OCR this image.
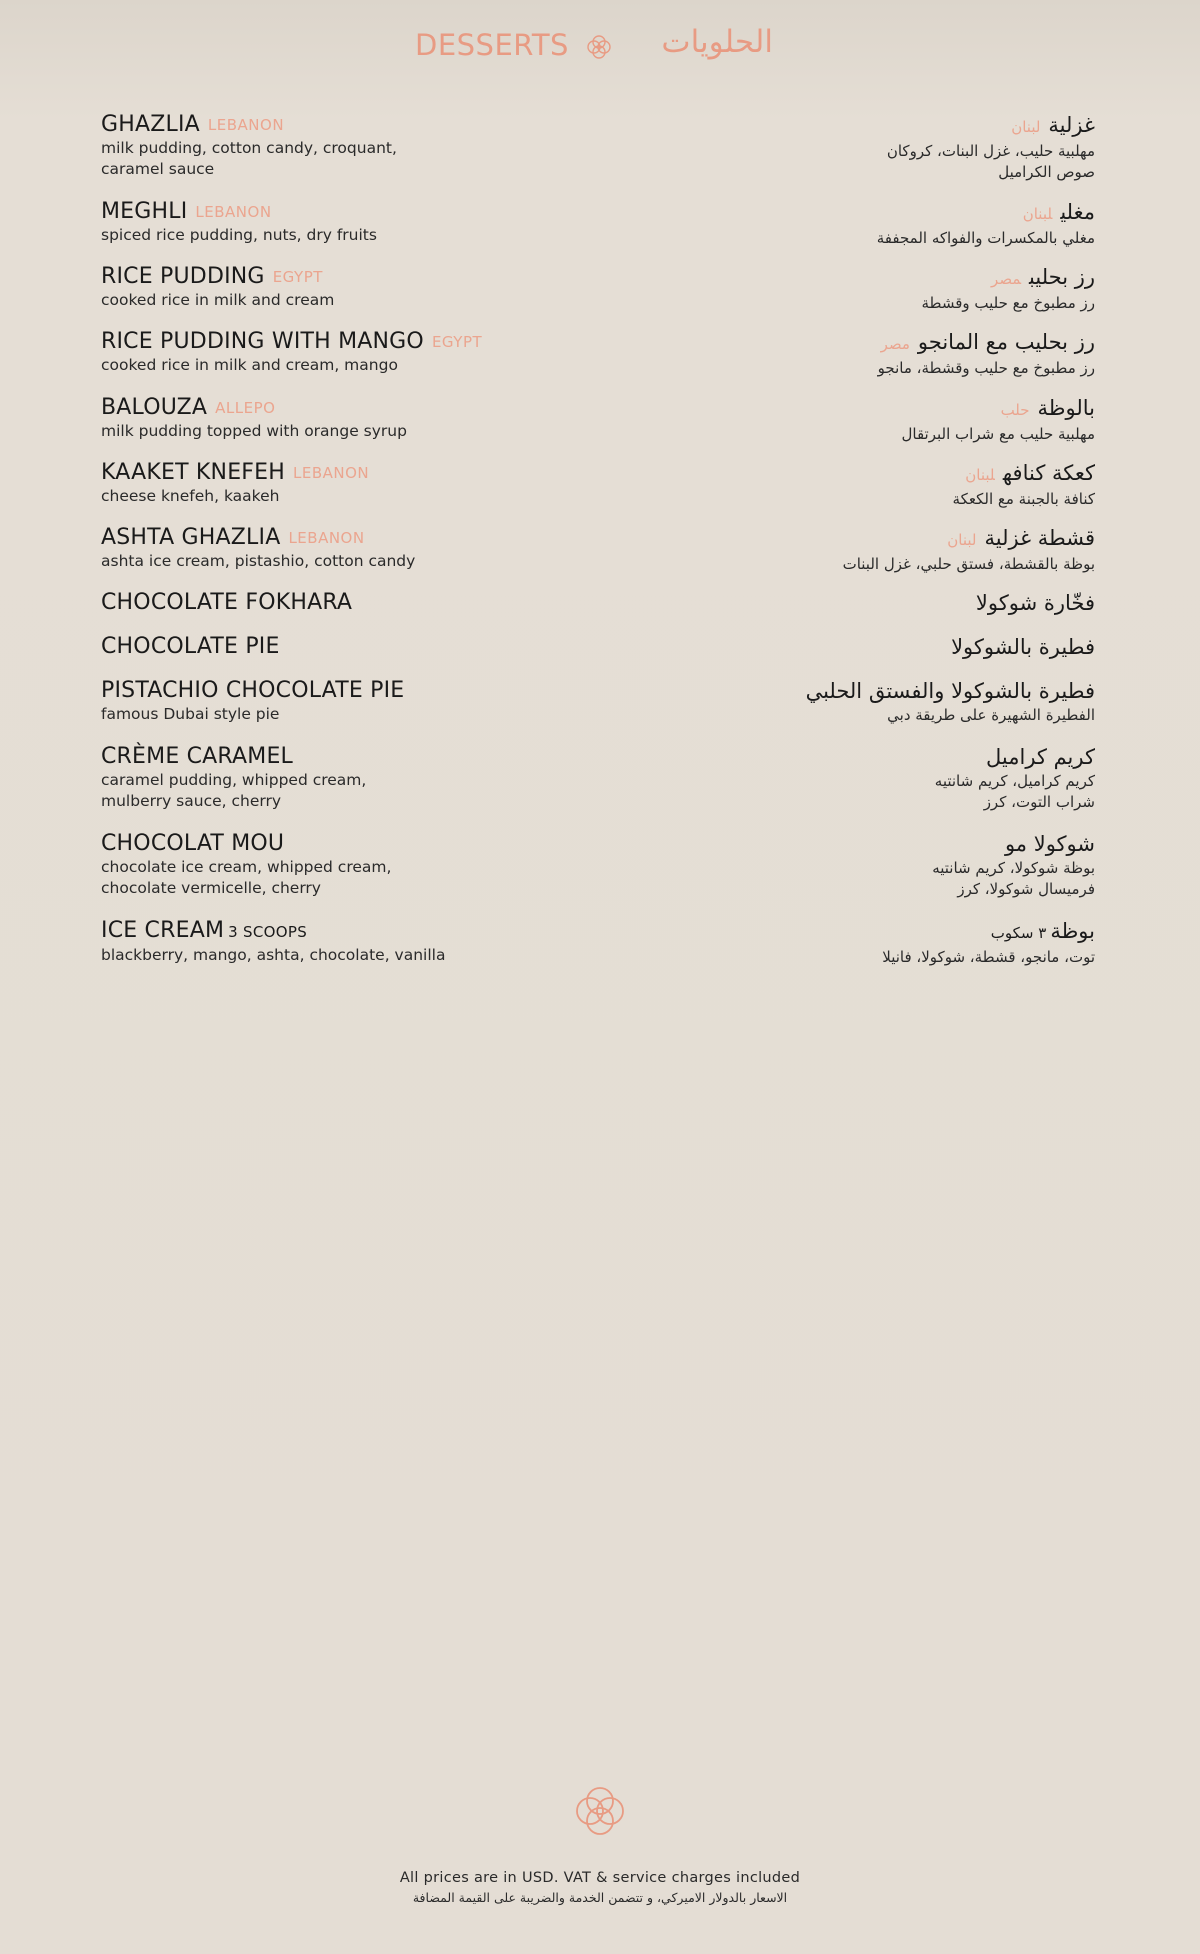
DESSERTS	الحلويات
GHAZLIA LEBANON
milk pudding, cotton candy, croquant,
caramel sauce
غزليةلبنان
مهلبية حليب، غزل البنات، كروكان
صوص الكراميل
MEGHLI LEBANON
spiced rice pudding, nuts, dry fruits
مغليلبنان
مغلي بالمكسرات والفواكه المجففة
RICE PUDDING EGYPT
cooked rice in milk and cream
رز بحليبمصر
رز مطبوخ مع حليب وقشطة
RICE PUDDING WITH MANGO EGYPT
cooked rice in milk and cream, mango
رز بحليب مع المانجومصر
رز مطبوخ مع حليب وقشطة، مانجو
BALOUZA ALLEPO
milk pudding topped with orange syrup
بالوظةحلب
مهلبية حليب مع شراب البرتقال
KAAKET KNEFEH LEBANON
cheese knefeh, kaakeh
كعكة كنافهلبنان
كنافة بالجبنة مع الكعكة
ASHTA GHAZLIA LEBANON
ashta ice cream, pistashio, cotton candy
قشطة غزليةلبنان
بوظة بالقشطة، فستق حلبي، غزل البنات
CHOCOLATE FOKHARA	فخّارة شوكولا
CHOCOLATE PIE	فطيرة بالشوكولا
PISTACHIO CHOCOLATE PIE
famous Dubai style pie
فطيرة بالشوكولا والفستق الحلبي
الفطيرة الشهيرة على طريقة دبي
CRÈME CARAMEL
caramel pudding, whipped cream,
mulberry sauce, cherry
كريم كراميل
كريم كراميل، كريم شانتيه
شراب التوت، كرز
CHOCOLAT MOU
chocolate ice cream, whipped cream,
chocolate vermicelle, cherry
شوكولا مو
بوظة شوكولا، كريم شانتيه
فرميسال شوكولا، كرز
ICE CREAM 3 SCOOPS
blackberry, mango, ashta, chocolate, vanilla
بوظة٣ سكوب
توت، مانجو، قشطة، شوكولا، فانيلا
All prices are in USD. VAT & service charges included
الاسعار بالدولار الاميركي، و تتضمن الخدمة والضريبة على القيمة المضافة
